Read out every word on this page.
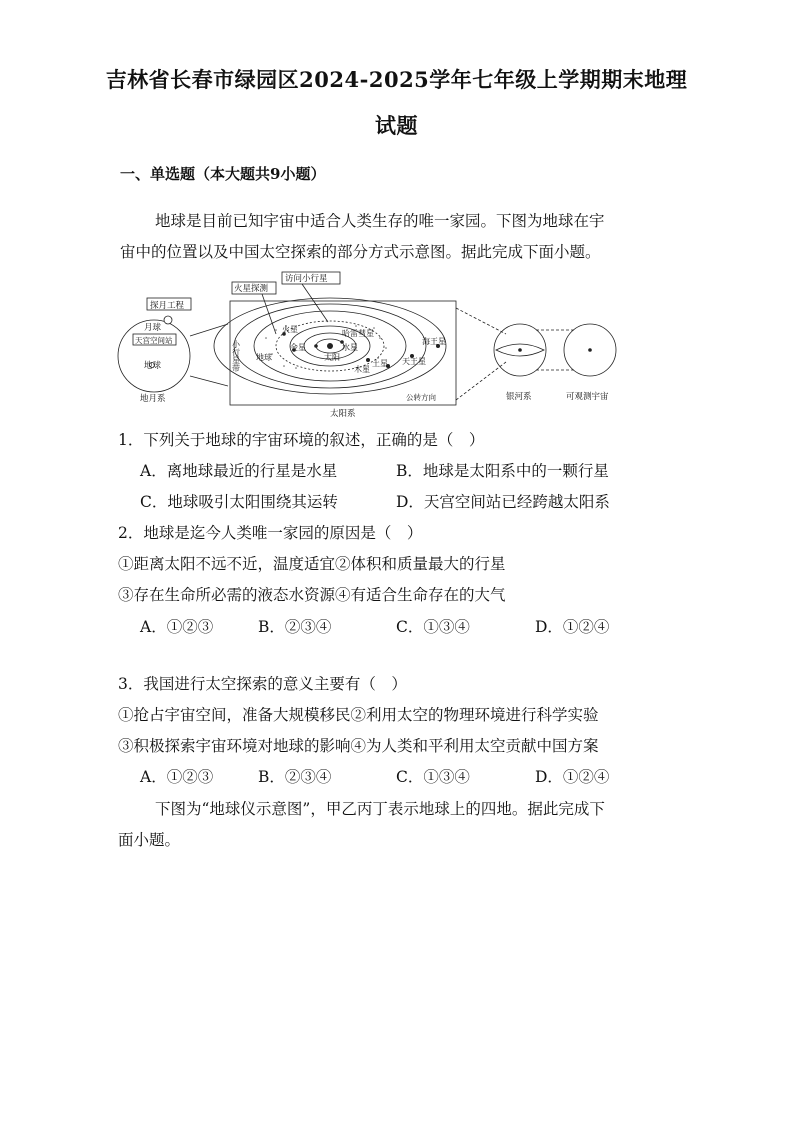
吉林省长春市绿园区2024-2025学年七年级上学期期末地理
试题
一、单选题（本大题共9小题）
地球是目前已知宇宙中适合人类生存的唯一家园。下图为地球在宇
宙中的位置以及中国太空探索的部分方式示意图。据此完成下面小题。
探月工程
月球
天宫空间站
地球
地月系
火星探测
访问小行星
火星
小行星带	金星	水星
地球	太阳
土星
木星
天王星
海王星
哈雷彗星
公转方向
太阳系
银河系	可观测宇宙
1．下列关于地球的宇宙环境的叙述，正确的是（　）
A．离地球最近的行星是水星	B．地球是太阳系中的一颗行星
C．地球吸引太阳围绕其运转	D．天宫空间站已经跨越太阳系
2．地球是迄今人类唯一家园的原因是（　）
①距离太阳不远不近，温度适宜②体积和质量最大的行星
③存在生命所必需的液态水资源④有适合生命存在的大气
A．①②③	B．②③④	C．①③④	D．①②④
3．我国进行太空探索的意义主要有（　）
①抢占宇宙空间，准备大规模移民②利用太空的物理环境进行科学实验
③积极探索宇宙环境对地球的影响④为人类和平利用太空贡献中国方案
A．①②③	B．②③④	C．①③④	D．①②④
下图为“地球仪示意图”，甲乙丙丁表示地球上的四地。据此完成下
面小题。
